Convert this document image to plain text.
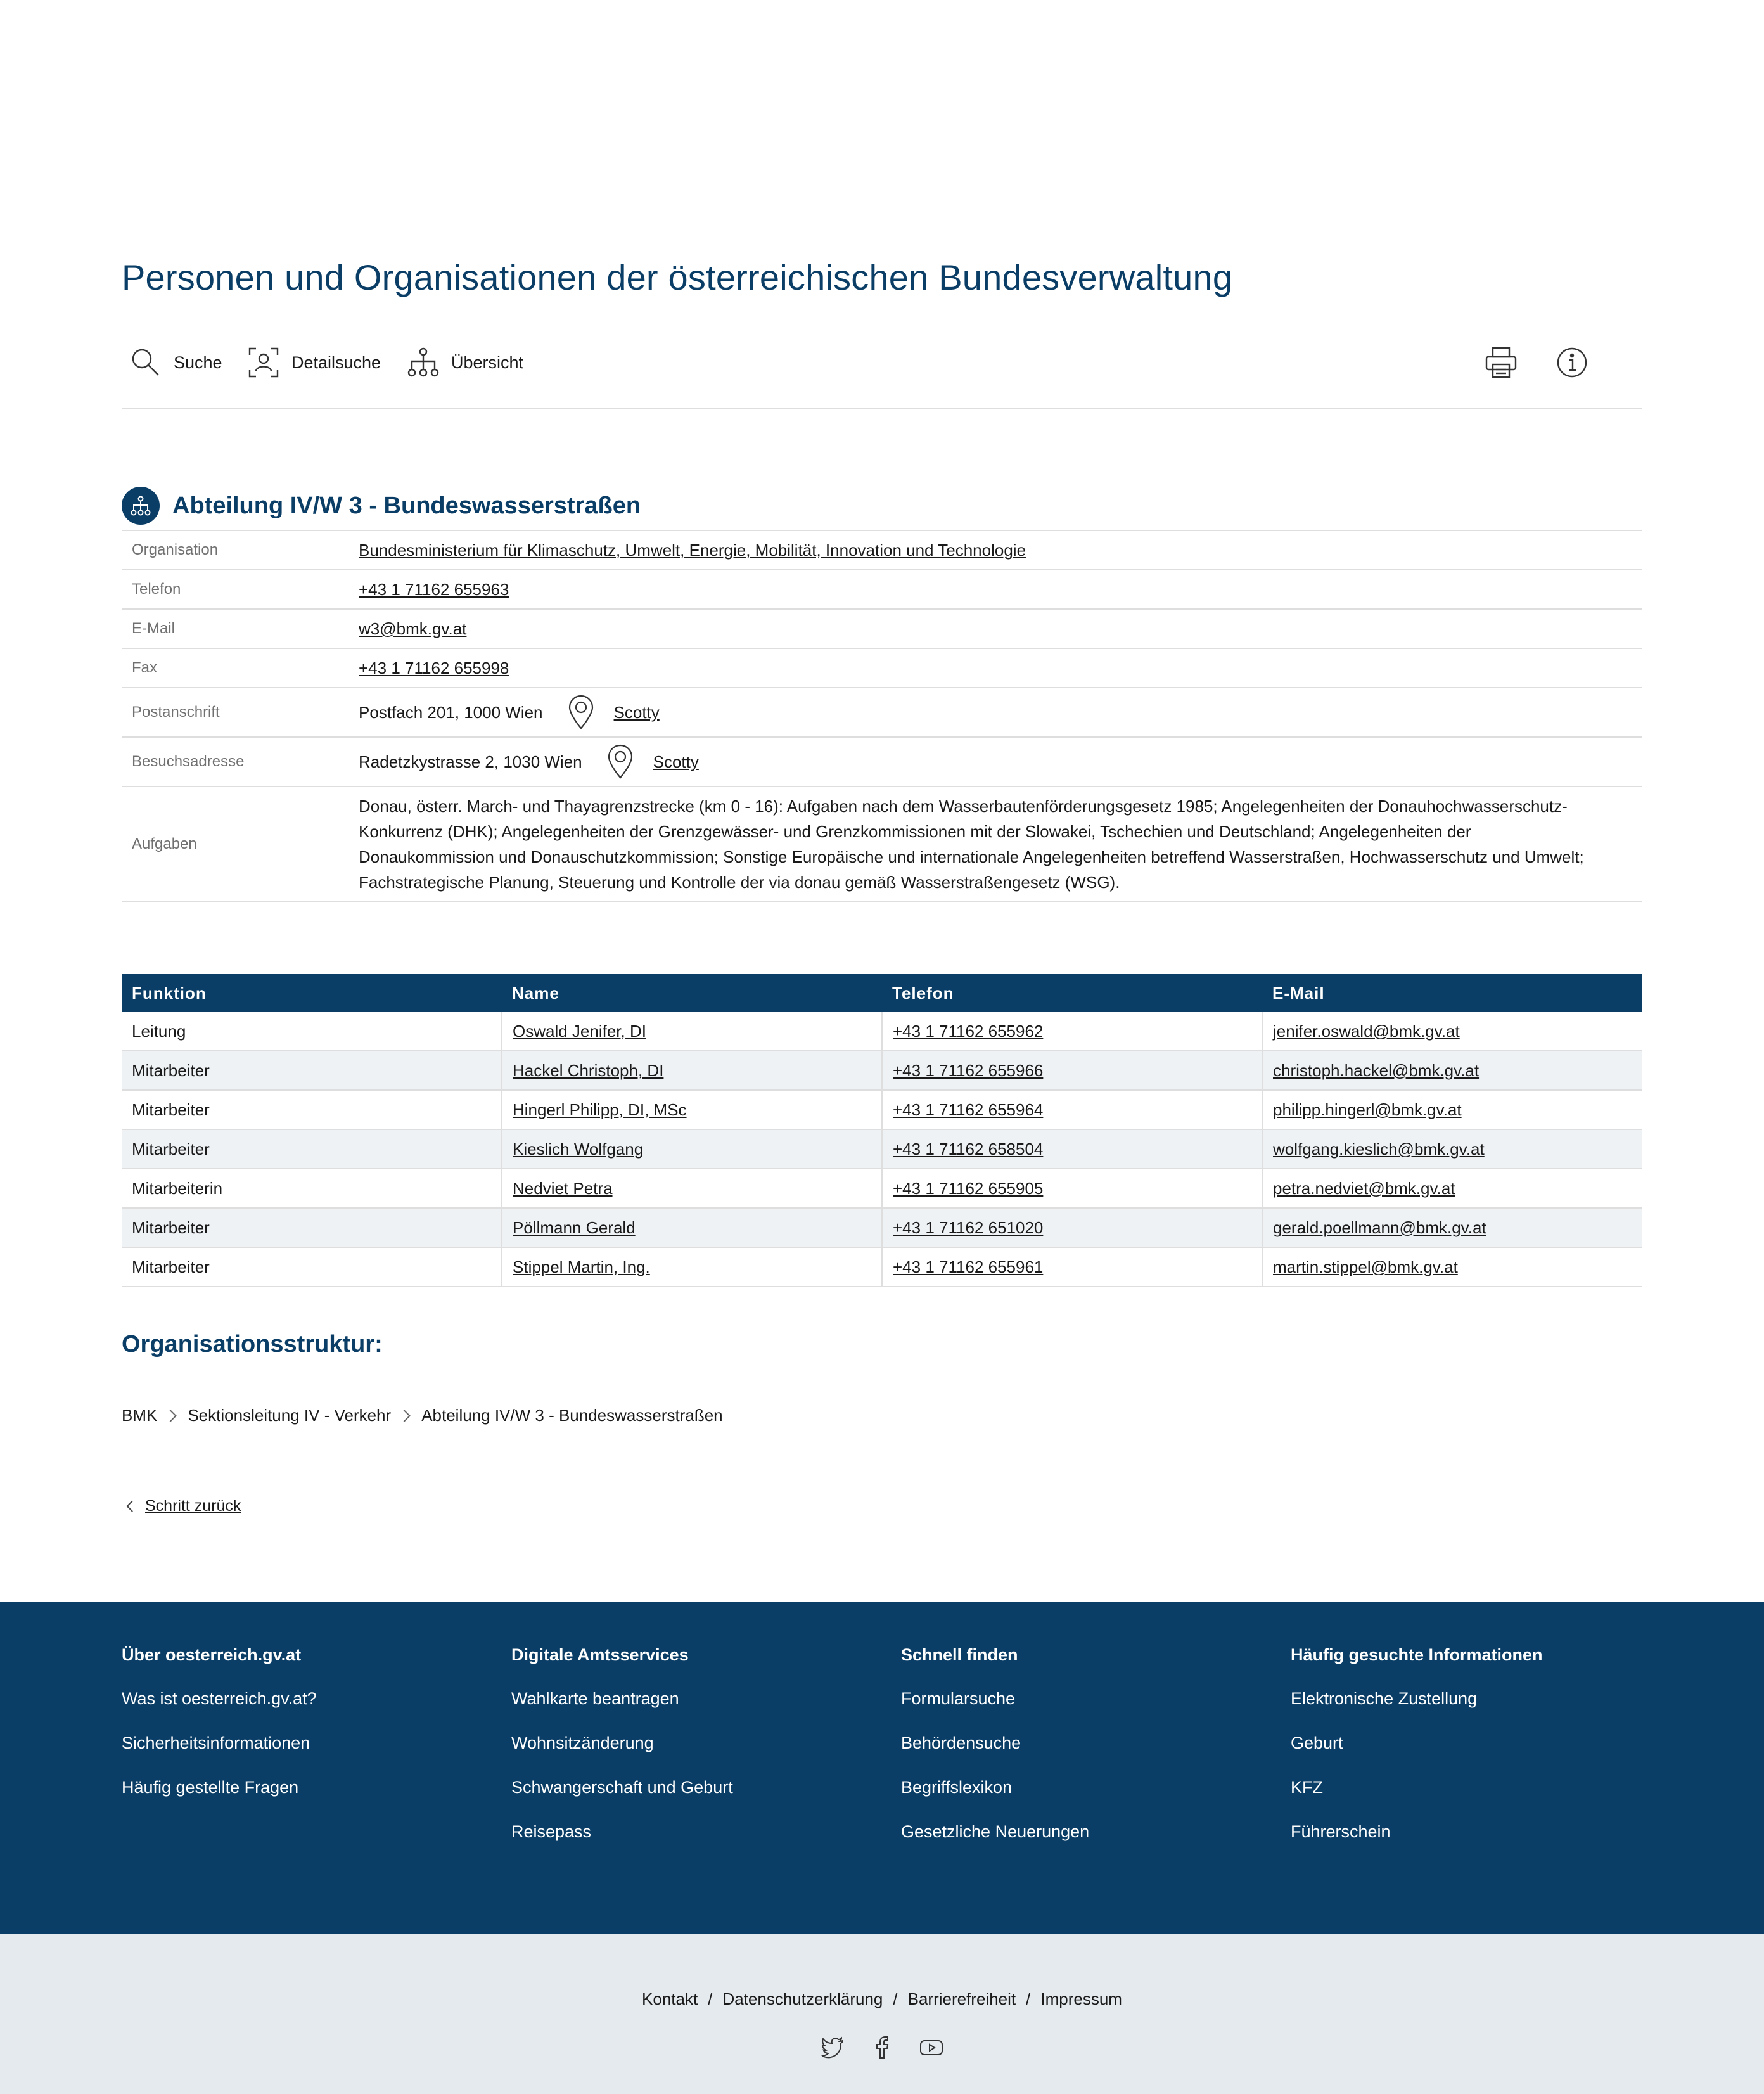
Personen und Organisationen der österreichischen Bundesverwaltung
Suche	Detailsuche	Übersicht
Abteilung IV/W 3 - Bundeswasserstraßen
Organisation	Bundesministerium für Klimaschutz, Umwelt, Energie, Mobilität, Innovation und Technologie
Telefon	+43 1 71162 655963
E-Mail	w3@bmk.gv.at
Fax	+43 1 71162 655998
Postanschrift	Postfach 201, 1000 Wien	Scotty
Besuchsadresse	Radetzkystrasse 2, 1030 Wien	Scotty
Aufgaben
Donau, österr. March- und Thayagrenzstrecke (km 0 - 16): Aufgaben nach dem Wasserbautenförderungsgesetz 1985; Angelegenheiten der Donauhochwasserschutz-Konkurrenz (DHK); Angelegenheiten der Grenzgewässer- und Grenzkommissionen mit der Slowakei, Tschechien und Deutschland; Angelegenheiten der Donaukommission und Donauschutzkommission; Sonstige Europäische und internationale Angelegenheiten betreffend Wasserstraßen, Hochwasserschutz und Umwelt; Fachstrategische Planung, Steuerung und Kontrolle der via donau gemäß Wasserstraßengesetz (WSG).
Funktion	Name	Telefon	E-Mail
Leitung	Oswald Jenifer, DI	+43 1 71162 655962	jenifer.oswald@bmk.gv.at
Mitarbeiter	Hackel Christoph, DI	+43 1 71162 655966	christoph.hackel@bmk.gv.at
Mitarbeiter	Hingerl Philipp, DI, MSc	+43 1 71162 655964	philipp.hingerl@bmk.gv.at
Mitarbeiter	Kieslich Wolfgang	+43 1 71162 658504	wolfgang.kieslich@bmk.gv.at
Mitarbeiterin	Nedviet Petra	+43 1 71162 655905	petra.nedviet@bmk.gv.at
Mitarbeiter	Pöllmann Gerald	+43 1 71162 651020	gerald.poellmann@bmk.gv.at
Mitarbeiter	Stippel Martin, Ing.	+43 1 71162 655961	martin.stippel@bmk.gv.at
Organisationsstruktur:
BMK Sektionsleitung IV - Verkehr Abteilung IV/W 3 - Bundeswasserstraßen
Schritt zurück
Über oesterreich.gv.at
Was ist oesterreich.gv.at?
Sicherheitsinformationen
Häufig gestellte Fragen
Digitale Amtsservices
Wahlkarte beantragen
Wohnsitzänderung
Schwangerschaft und Geburt
Reisepass
Schnell finden
Formularsuche
Behördensuche
Begriffslexikon
Gesetzliche Neuerungen
Häufig gesuchte Informationen
Elektronische Zustellung
Geburt
KFZ
Führerschein
Kontakt / Datenschutzerklärung / Barrierefreiheit / Impressum
